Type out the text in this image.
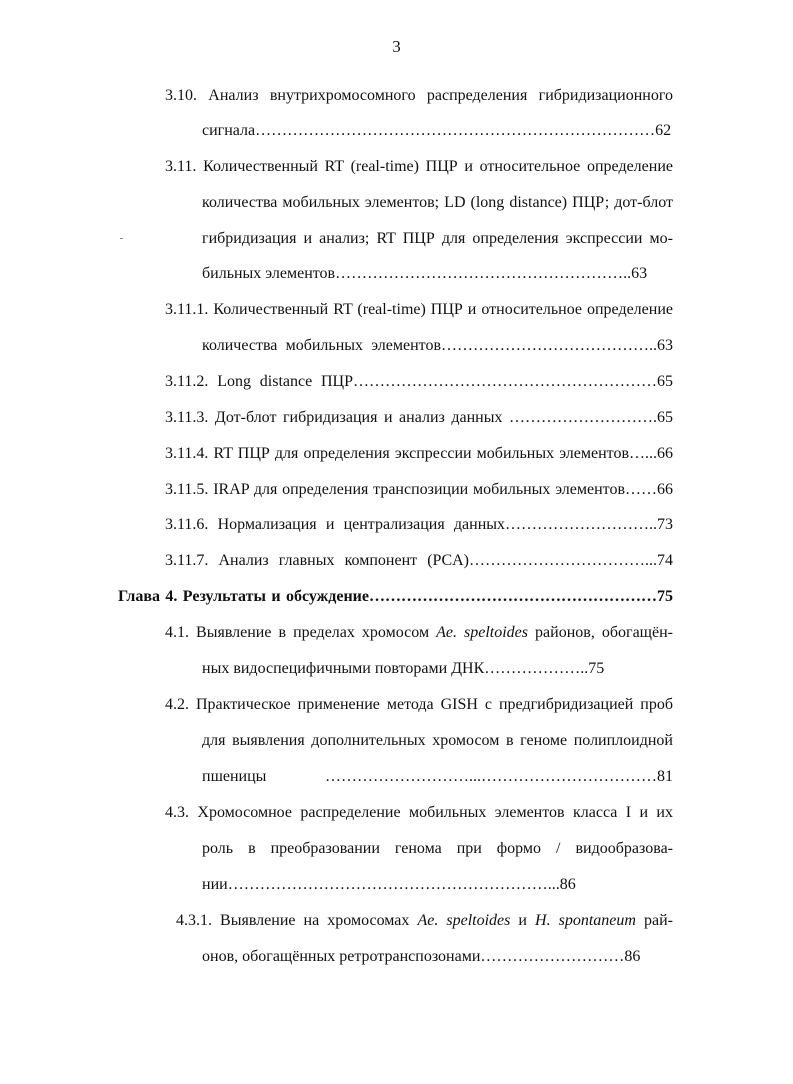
3
3.10. Анализ внутрихромосомного распределения гибридизационного
сигнала…………………………………………………………………62
3.11. Количественный RT (real-time) ПЦР и относительное определение
количества мобильных элементов; LD (long distance) ПЦР; дот-блот
гибридизация и анализ; RT ПЦР для определения экспрессии мо-
бильных элементов………………………………………………..63
3.11.1. Количественный RT (real-time) ПЦР и относительное определение
количества мобильных элементов…………………………………..63
3.11.2. Long distance ПЦР…………………………………………………65
3.11.3. Дот-блот гибридизация и анализ данных ……………………….65
3.11.4. RT ПЦР для определения экспрессии мобильных элементов…...66
3.11.5. IRAP для определения транспозиции мобильных элементов……66
3.11.6. Нормализация и централизация данных………………………..73
3.11.7. Анализ главных компонент (PCA)……………………………...74
Глава 4. Результаты и обсуждение………………………………………………75
4.1. Выявление в пределах хромосом Ae. speltoides районов, обогащён-
ных видоспецифичными повторами ДНК………………..75
4.2. Практическое применение метода GISH с предгибридизацией проб
для выявления дополнительных хромосом в геноме полиплоидной
пшеницы ………………………...……………………………81
4.3. Хромосомное распределение мобильных элементов класса I и их
роль в преобразовании генома при формо / видообразова-
нии……………………………………………………...86
4.3.1. Выявление на хромосомах Ae. speltoides и H. spontaneum рай-
онов, обогащённых ретротранспозонами………………………86
